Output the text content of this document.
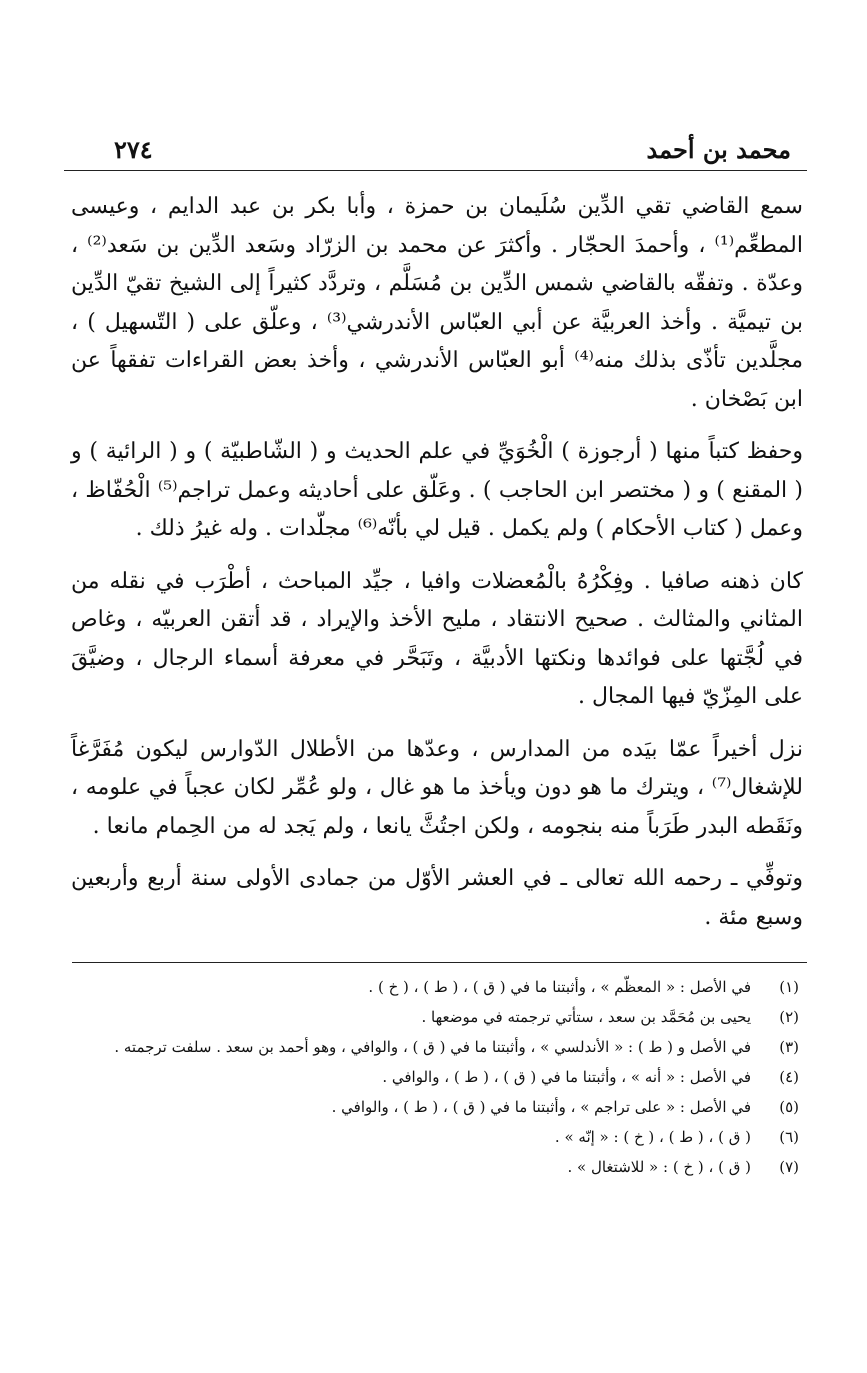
محمد بن أحمد
٢٧٤

سمع القاضي تقي الدِّين سُلَيمان بن حمزة ، وأبا بكر بن عبد الدايم ، وعيسى المطعِّم⁽¹⁾ ، وأحمدَ الحجّار . وأكثرَ عن محمد بن الزرّاد وسَعد الدِّين بن سَعد⁽²⁾ ، وعدّة . وتفقّه بالقاضي شمس الدِّين بن مُسَلَّم ، وتردَّد كثيراً إلى الشيخ تقيّ الدِّين بن تيميَّة . وأخذ العربيَّة عن أبي العبّاس الأندرشي⁽³⁾ ، وعلّق على ( التّسهيل ) ، مجلَّدين تأذّى بذلك منه⁽⁴⁾ أبو العبّاس الأندرشي ، وأخذ بعض القراءات تفقهاً عن ابن بَصْخان .

وحفظ كتباً منها ( أرجوزة ) الْخُوَيِّ في علم الحديث و ( الشّاطبيّة ) و ( الرائية ) و ( المقنع ) و ( مختصر ابن الحاجب ) . وعَلّق على أحاديثه وعمل تراجم⁽⁵⁾ الْحُفّاظ ، وعمل ( كتاب الأحكام ) ولم يكمل . قيل لي بأنّه⁽⁶⁾ مجلّدات . وله غيرُ ذلك .

كان ذهنه صافيا . وفِكْرُهُ بالْمُعضلات وافيا ، جيِّد المباحث ، أطْرَب في نقله من المثاني والمثالث . صحيح الانتقاد ، مليح الأخذ والإيراد ، قد أتقن العربيّه ، وغاص في لُجَّتها على فوائدها ونكتها الأدبيَّة ، وتَبَحَّر في معرفة أسماء الرجال ، وضيَّقَ على المِزّيّ فيها المجال .

نزل أخيراً عمّا بيَده من المدارس ، وعدّها من الأطلال الدّوارس ليكون مُفَرَّغاً للإشغال⁽⁷⁾ ، ويترك ما هو دون ويأخذ ما هو غال ، ولو عُمِّر لكان عجباً في علومه ، ونَقَطه البدر طَرَباً منه بنجومه ، ولكن اجتُثَّ يانعا ، ولم يَجد له من الحِمام مانعا .

وتوفِّي ـ رحمه الله تعالى ـ في العشر الأوّل من جمادى الأولى سنة أربع وأربعين وسبع مئة .

(١)
في الأصل : « المعظّم » ، وأثبتنا ما في ( ق ) ، ( ط ) ، ( خ ) .
(٢)
يحيى بن مُحَمَّد بن سعد ، ستأتي ترجمته في موضعها .
(٣)
في الأصل و ( ط ) : « الأندلسي » ، وأثبتنا ما في ( ق ) ، والوافي ، وهو أحمد بن سعد . سلفت ترجمته .
(٤)
في الأصل : « أنه » ، وأثبتنا ما في ( ق ) ، ( ط ) ، والوافي .
(٥)
في الأصل : « على تراجم » ، وأثبتنا ما في ( ق ) ، ( ط ) ، والوافي .
(٦)
( ق ) ، ( ط ) ، ( خ ) : « إنّه » .
(٧)
( ق ) ، ( خ ) : « للاشتغال » .
